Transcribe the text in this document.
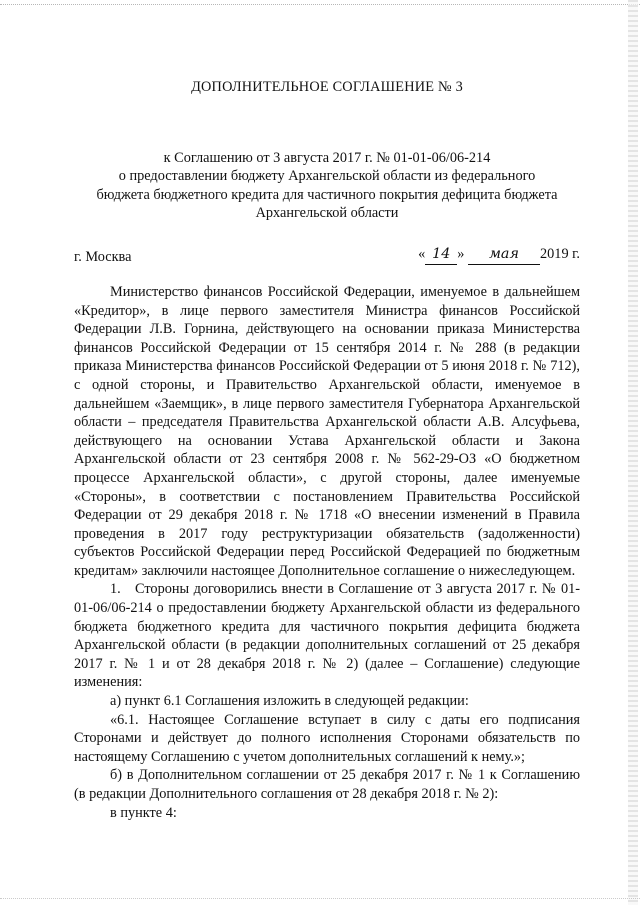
ДОПОЛНИТЕЛЬНОЕ СОГЛАШЕНИЕ № 3
к Соглашению от 3 августа 2017 г. № 01-01-06/06-214
о предоставлении бюджету Архангельской области из федерального
бюджета бюджетного кредита для частичного покрытия дефицита бюджета
Архангельской области
г. Москва	« 14 » мая 2019 г.

Министерство финансов Российской Федерации, именуемое в дальнейшем «Кредитор», в лице первого заместителя Министра финансов Российской Федерации Л.В. Горнина, действующего на основании приказа Министерства финансов Российской Федерации от 15 сентября 2014 г. № 288 (в редакции приказа Министерства финансов Российской Федерации от 5 июня 2018 г. № 712), с одной стороны, и Правительство Архангельской области, именуемое в дальнейшем «Заемщик», в лице первого заместителя Губернатора Архангельской области – председателя Правительства Архангельской области А.В. Алсуфьева, действующего на основании Устава Архангельской области и Закона Архангельской области от 23 сентября 2008 г. № 562-29-ОЗ «О бюджетном процессе Архангельской области», с другой стороны, далее именуемые «Стороны», в соответствии с постановлением Правительства Российской Федерации от 29 декабря 2018 г. № 1718 «О внесении изменений в Правила проведения в 2017 году реструктуризации обязательств (задолженности) субъектов Российской Федерации перед Российской Федерацией по бюджетным кредитам» заключили настоящее Дополнительное соглашение о нижеследующем.

1. Стороны договорились внести в Соглашение от 3 августа 2017 г. № 01-01-06/06-214 о предоставлении бюджету Архангельской области из федерального бюджета бюджетного кредита для частичного покрытия дефицита бюджета Архангельской области (в редакции дополнительных соглашений от 25 декабря 2017 г. № 1 и от 28 декабря 2018 г. № 2) (далее – Соглашение) следующие изменения:

а) пункт 6.1 Соглашения изложить в следующей редакции:

«6.1. Настоящее Соглашение вступает в силу с даты его подписания Сторонами и действует до полного исполнения Сторонами обязательств по настоящему Соглашению с учетом дополнительных соглашений к нему.»;

б) в Дополнительном соглашении от 25 декабря 2017 г. № 1 к Соглашению (в редакции Дополнительного соглашения от 28 декабря 2018 г. № 2):

в пункте 4:
